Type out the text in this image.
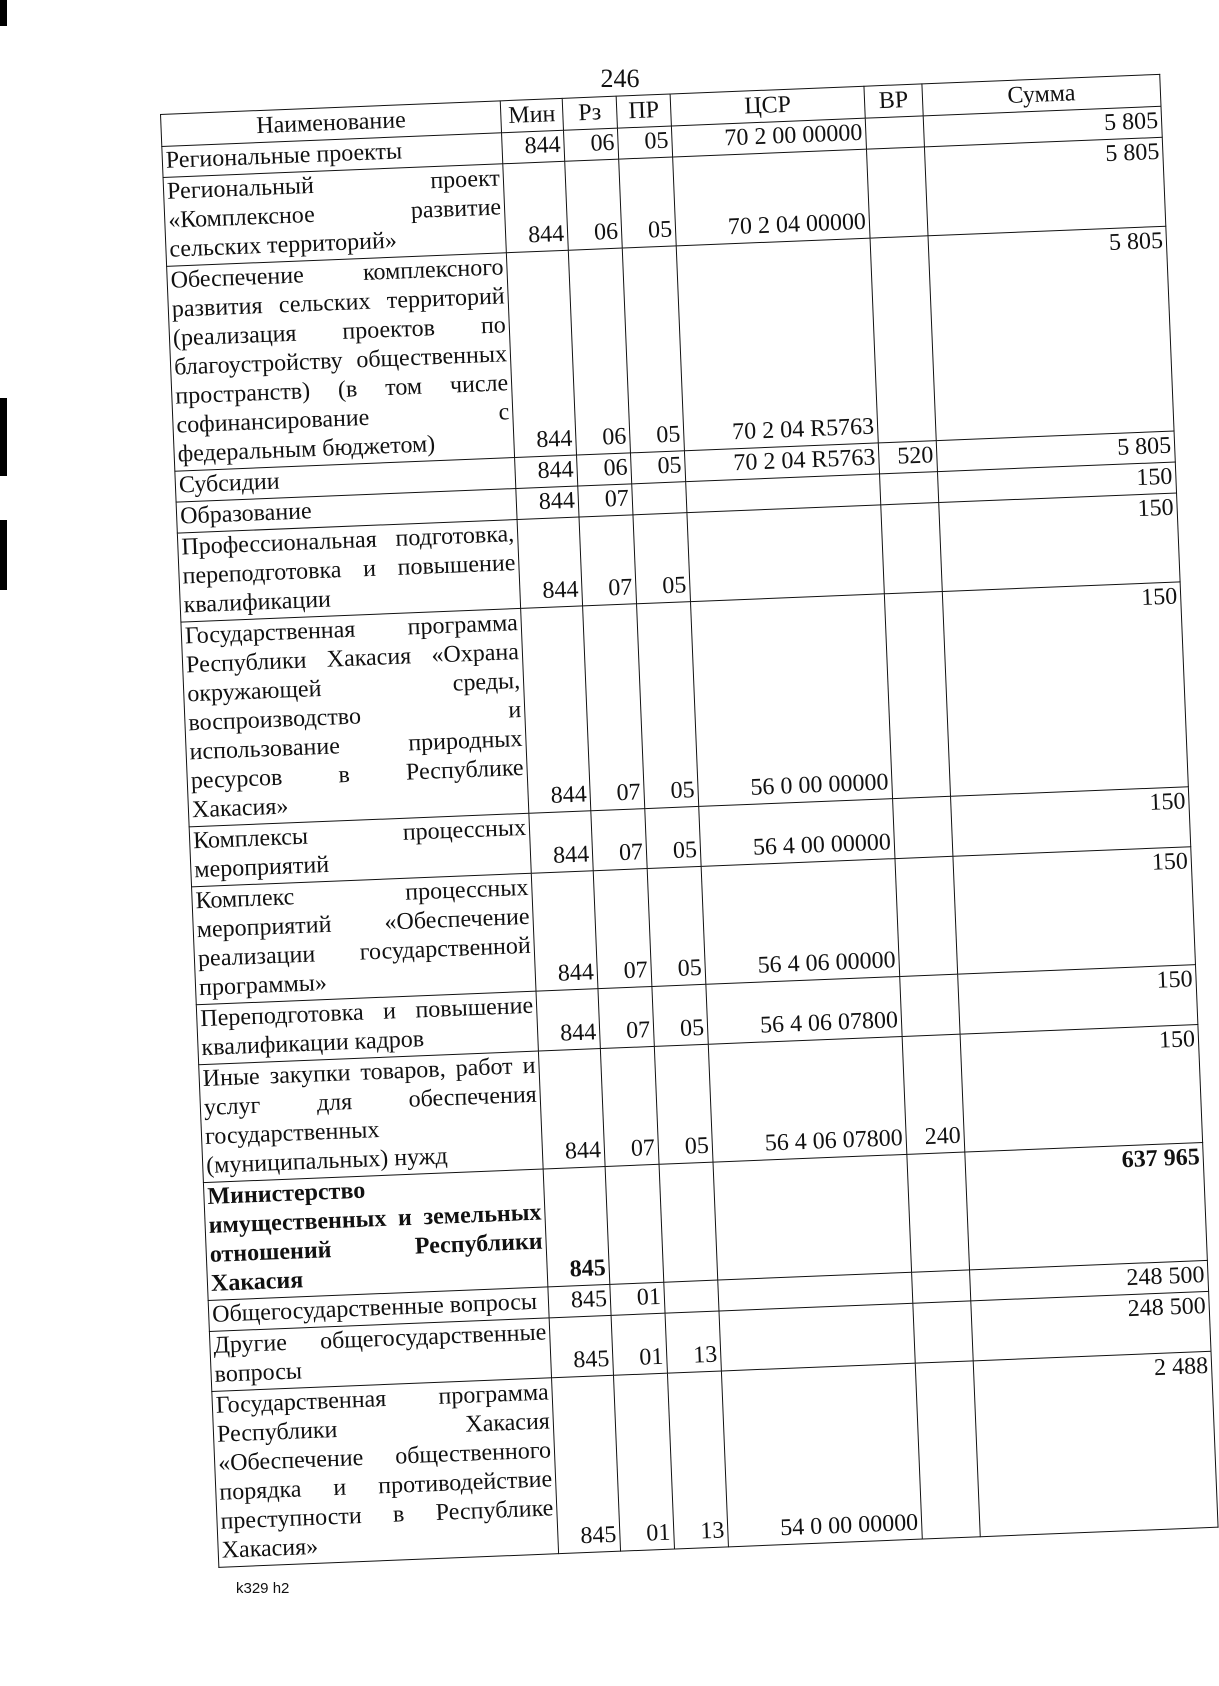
246
Наименование	Мин	Рз	ПР	ЦСР	ВР	Сумма
Региональные проекты	844	06	05	70 2 00 00000		5 805
Региональный проект «Комплексное развитие сельских территорий»	844	06	05	70 2 04 00000		5 805
Обеспечение комплексного развития сельских территорий (реализация проектов по благоустройству общественных пространств) (в том числе софинансирование с федеральным бюджетом)	844	06	05	70 2 04 R5763		5 805
Субсидии	844	06	05	70 2 04 R5763	520	5 805
Образование	844	07				150
Профессиональная подготовка, переподготовка и повышение квалификации	844	07	05			150
Государственная программа Республики Хакасия «Охрана окружающей среды, воспроизводство и использование природных ресурсов в Республике Хакасия»	844	07	05	56 0 00 00000		150
Комплексы процессных мероприятий	844	07	05	56 4 00 00000		150
Комплекс процессных мероприятий «Обеспечение реализации государственной программы»	844	07	05	56 4 06 00000		150
Переподготовка и повышение квалификации кадров	844	07	05	56 4 06 07800		150
Иные закупки товаров, работ и услуг для обеспечения государственных (муниципальных) нужд	844	07	05	56 4 06 07800	240	150
Министерство имущественных и земельных отношений Республики Хакасия	845					637 965
Общегосударственные вопросы	845	01				248 500
Другие общегосударственные вопросы	845	01	13			248 500
Государственная программа Республики Хакасия «Обеспечение общественного порядка и противодействие преступности в Республике Хакасия»	845	01	13	54 0 00 00000		2 488
k329 h2
